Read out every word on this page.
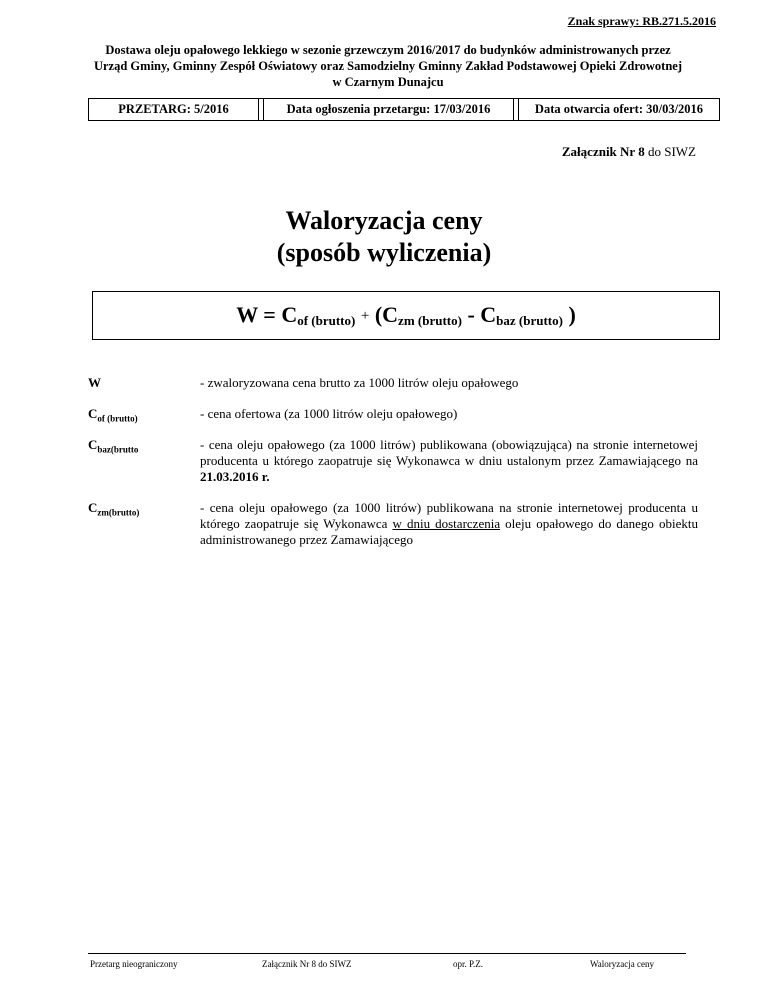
Znak sprawy: RB.271.5.2016
Dostawa oleju opałowego lekkiego w sezonie grzewczym 2016/2017 do budynków administrowanych przez Urząd Gminy, Gminny Zespół Oświatowy oraz Samodzielny Gminny Zakład Podstawowej Opieki Zdrowotnej w Czarnym Dunajcu
PRZETARG: 5/2016	Data ogłoszenia przetargu: 17/03/2016	Data otwarcia ofert: 30/03/2016
Załącznik Nr 8 do SIWZ
Waloryzacja ceny
(sposób wyliczenia)
$W = C_{of (brutto)} + (C_{zm (brutto)} - C_{baz (brutto)}$ )
W	- zwaloryzowana cena brutto za 1000 litrów oleju opałowego
$C_{of (brutto)}$	- cena ofertowa (za 1000 litrów oleju opałowego)
$C_{baz(brutto}$	- cena oleju opałowego (za 1000 litrów) publikowana (obowiązująca) na stronie internetowej producenta u którego zaopatruje się Wykonawca w dniu ustalonym przez Zamawiającego na 21.03.2016 r.
$C_{zm(brutto)}$	- cena oleju opałowego (za 1000 litrów) publikowana na stronie internetowej producenta u którego zaopatruje się Wykonawca w dniu dostarczenia oleju opałowego do danego obiektu administrowanego przez Zamawiającego
Przetarg nieograniczony	Załącznik Nr 8 do SIWZ	opr. P.Z.	Waloryzacja ceny
